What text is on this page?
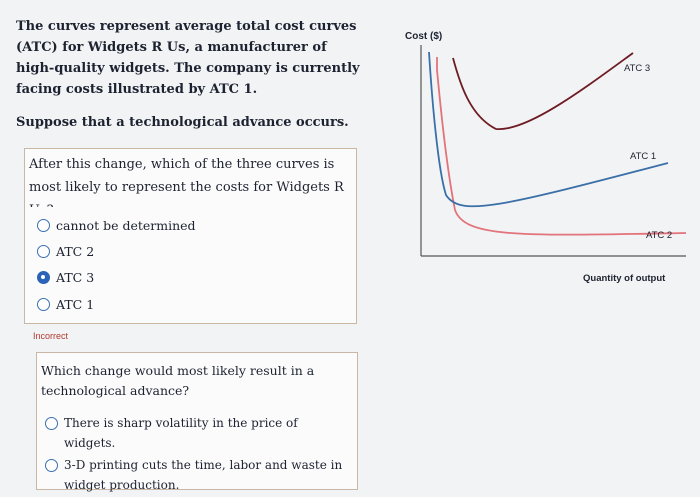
The curves represent average total cost curves (ATC) for Widgets R Us, a manufacturer of high-quality widgets. The company is currently facing costs illustrated by ATC 1.

Suppose that a technological advance occurs.

After this change, which of the three curves is most likely to represent the costs for Widgets R
cannot be determined
ATC 2
ATC 3
ATC 1
Incorrect
Which change would most likely result in a technological advance?
There is sharp volatility in the price of widgets.
3-D printing cuts the time, labor and waste in widget production.
Cost ($)
ATC 3
ATC 1
ATC 2
Quantity of output
